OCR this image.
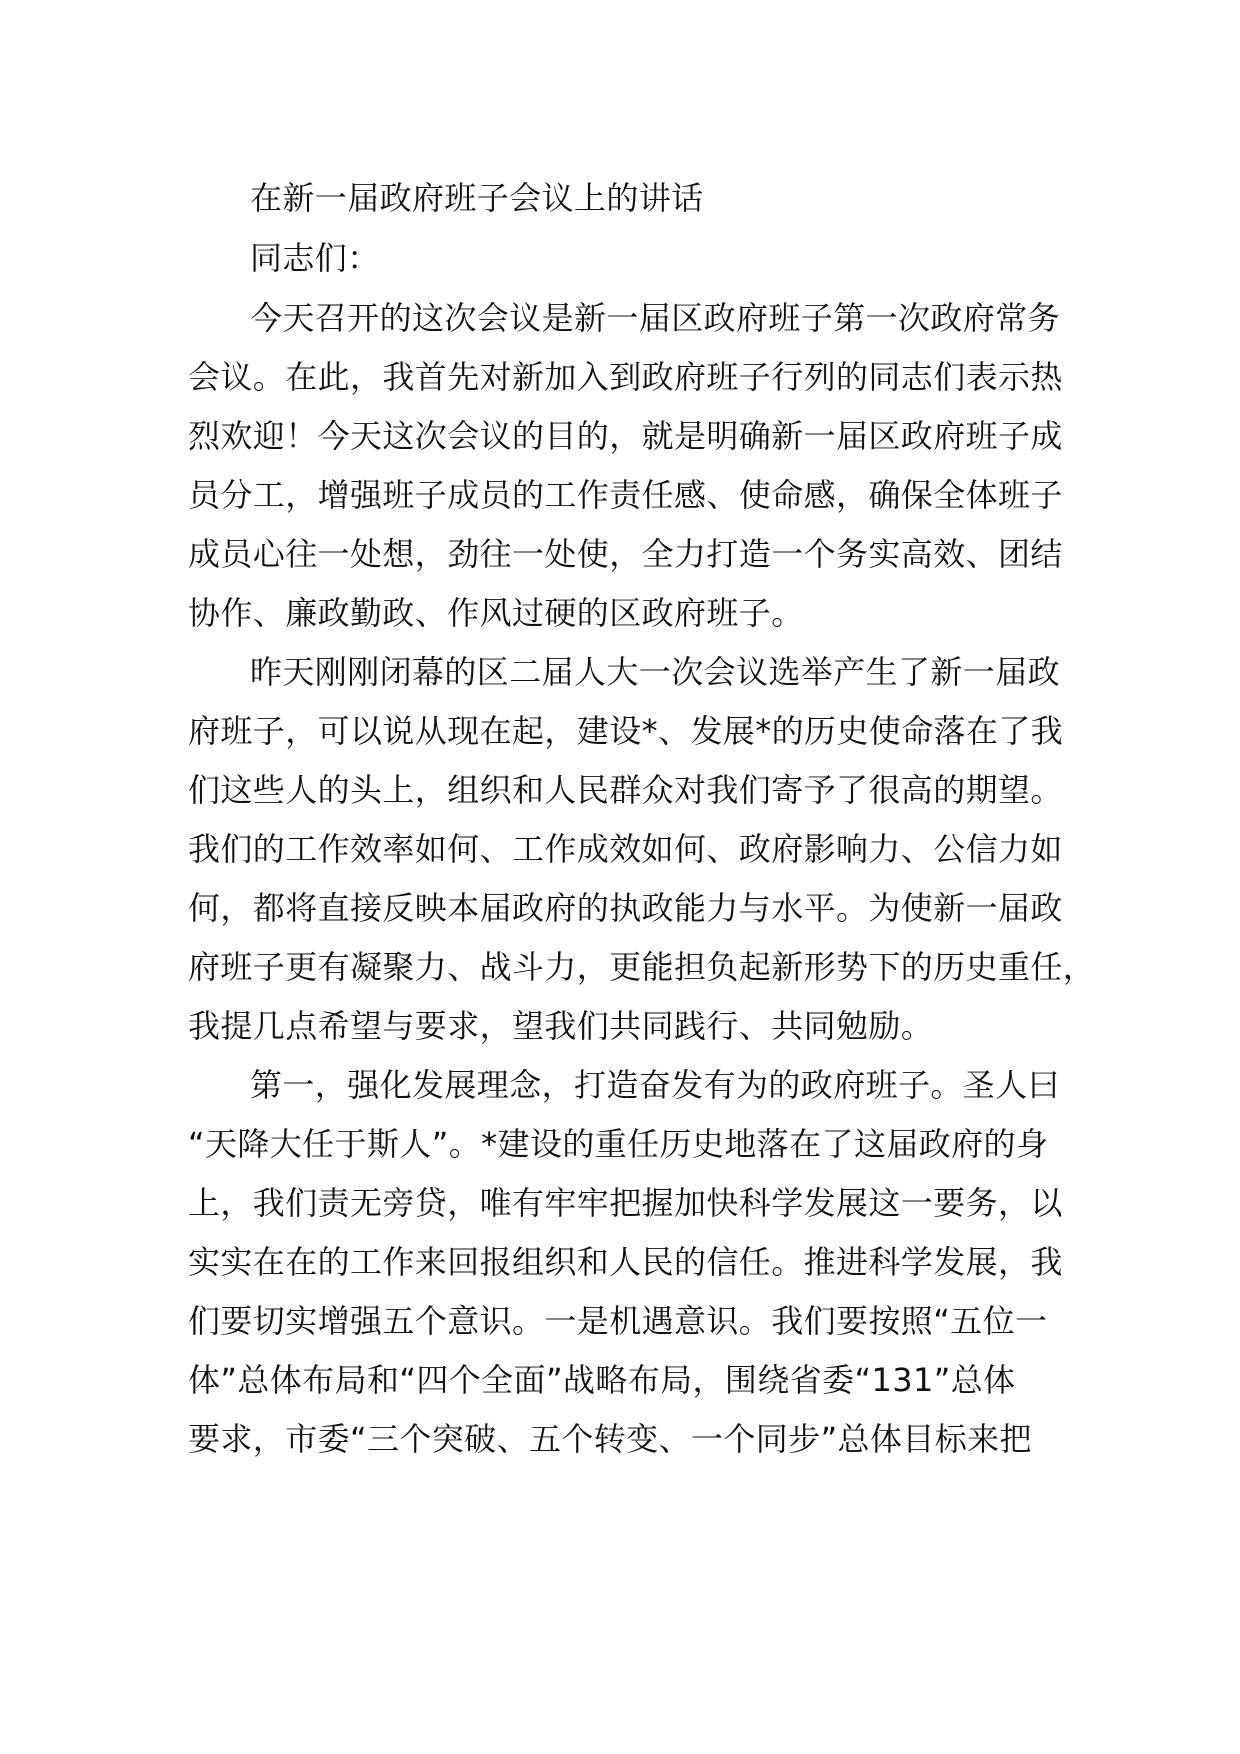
在新一届政府班子会议上的讲话
同志们：
今天召开的这次会议是新一届区政府班子第一次政府常务
会议。在此，我首先对新加入到政府班子行列的同志们表示热
烈欢迎！今天这次会议的目的，就是明确新一届区政府班子成
员分工，增强班子成员的工作责任感、使命感，确保全体班子
成员心往一处想，劲往一处使，全力打造一个务实高效、团结
协作、廉政勤政、作风过硬的区政府班子。
昨天刚刚闭幕的区二届人大一次会议选举产生了新一届政
府班子，可以说从现在起，建设*、发展*的历史使命落在了我
们这些人的头上，组织和人民群众对我们寄予了很高的期望。
我们的工作效率如何、工作成效如何、政府影响力、公信力如
何，都将直接反映本届政府的执政能力与水平。为使新一届政
府班子更有凝聚力、战斗力，更能担负起新形势下的历史重任，
我提几点希望与要求，望我们共同践行、共同勉励。
第一，强化发展理念，打造奋发有为的政府班子。圣人曰
“天降大任于斯人”。*建设的重任历史地落在了这届政府的身
上，我们责无旁贷，唯有牢牢把握加快科学发展这一要务，以
实实在在的工作来回报组织和人民的信任。推进科学发展，我
们要切实增强五个意识。一是机遇意识。我们要按照“五位一
体”总体布局和“四个全面”战略布局，围绕省委“131”总体
要求，市委“三个突破、五个转变、一个同步”总体目标来把
